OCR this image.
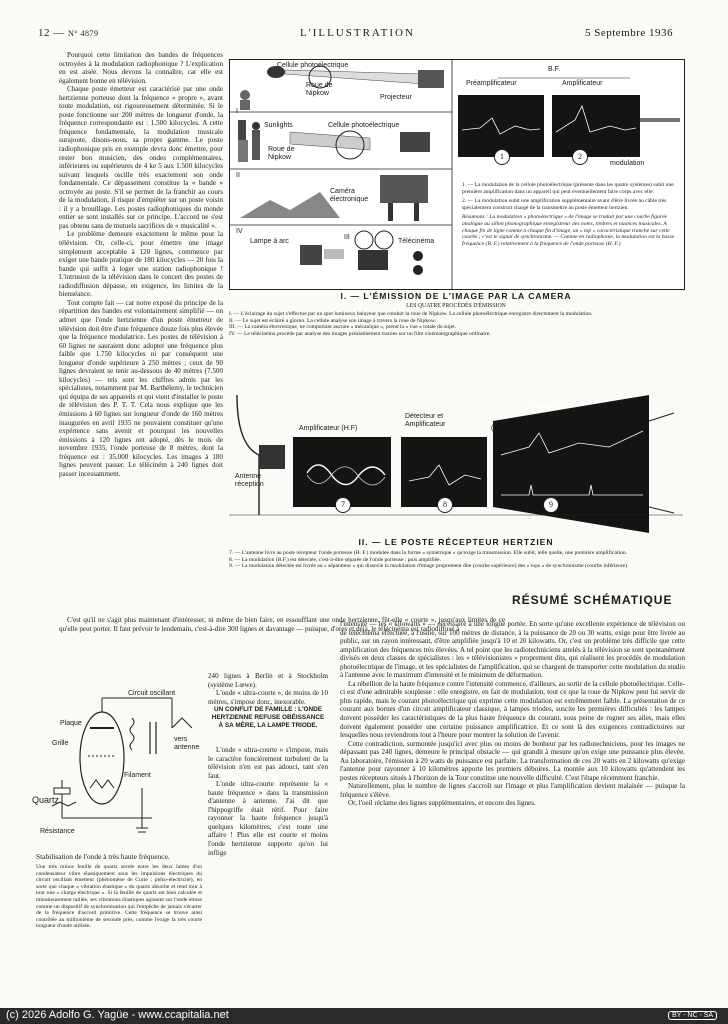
12 — N° 4879	L'ILLUSTRATION	5 Septembre 1936

Pourquoi cette limitation des bandes de fréquences octroyées à la modulation radiophonique ? L'explication en est aisée. Nous devons la connaître, car elle est également bonne en télévision.

Chaque poste émetteur est caractérisé par une onde hertzienne porteuse dont la fréquence « propre », avant toute modulation, est rigoureusement déterminée. Si le poste fonctionne sur 200 mètres de longueur d'onde, la fréquence correspondante est : 1.500 kilocycles. A cette fréquence fondamentale, la modulation musicale surajoute, disons-nous, sa propre gamme. Le poste radiophonique pris en exemple devra donc émettre, pour rester bon musicien, des ondes complémentaires, inférieures ou supérieures de 4 ke 5 aux 1.500 kilocycles suivant lesquels oscille très exactement son onde fondamentale. Ce dépassement constitue la « bande » octroyée au poste. S'il se permet de la franchir au cours de la modulation, il risque d'empiéter sur un poste voisin : il y a brouillage. Les postes radiophoniques du monde entier se sont installés sur ce principe. L'accord ne s'est pas obtenu sans de mutuels sacrifices de « musicalité ».

Le problème demeure exactement le même pour la télévision. Or, celle-ci, pour émettre une image simplement acceptable à 120 lignes, commence par exiger une bande pratique de 180 kilocycles — 20 fois la bande qui suffit à loger une station radiophonique ! L'intrusion de la télévision dans le concert des postes de radiodiffusion dépasse, en exigence, les limites de la bienséance.

Tout compte fait — car notre exposé du principe de la répartition des bandes est volontairement simplifié — on admet que l'onde hertzienne d'un poste émetteur de télévision doit être d'une fréquence douze fois plus élevée que la fréquence modulatrice. Les postes de télévision à 60 lignes ne sauraient donc adopter une fréquence plus faible que 1.750 kilocycles ni par conséquent une longueur d'onde supérieure à 250 mètres ; ceux de 90 lignes devraient se tenir au-dessous de 40 mètres (7.500 kilocycles) — tels sont les chiffres admis par les spécialistes, notamment par M. Barthélemy, le technicien qui équipa de ses appareils et qui vient d'installer le poste de télévision des P. T. T. Cela nous explique que les émissions à 60 lignes sur longueur d'onde de 160 mètres inaugurées en avril 1935 ne pouvaient constituer qu'une expérience sans avenir et pourquoi les nouvelles émissions à 120 lignes ont adopté, dès le mois de novembre 1935, l'onde porteuse de 8 mètres, dont la fréquence est : 35.000 kilocycles. Les images à 180 lignes peuvent passer. Le téléciném à 240 lignes doit passer incessamment.

C'est qu'il ne s'agit plus maintenant d'intéresser, ni même de bien faire, en essoufflant une onde hertzienne, fût-elle « courte », jusqu'aux limites de ce qu'elle peut porter. Il faut prévoir le lendemain, c'est-à-dire 300 lignes et davantage — puisque, d'ores et déjà, le télécinéma est radiodiffusé à

Cellule photoélectrique
Roue de Nipkow
Projecteur
Sunlights	Cellule photoélectrique
Roue de Nipkow
Caméra électronique
Lampe à arc	Télécinéma
I
II
III
IV
B.F.
Préamplificateur	Amplificateur
1	2	Câble de modulation
1. — La modulation de la cellule photoélectrique (présente dans les quatre systèmes) subit une première amplification dans un appareil qui peut éventuellement faire corps avec elle.
2. — La modulation subit une amplification supplémentaire avant d'être livrée au câble très spécialement construit chargé de la transmettre au poste émetteur hertzien.
Résumons : La modulation « photoélectrique » de l'image se traduit par une courbe figurée analogue au sillon phonographique enregistreur des notes, timbres et nuances musicales. A chaque fin de ligne comme à chaque fin d'image, un « top » caractéristique tranche sur cette courbe ; c'est le signal de synchronisme. — Comme en radiophonie, la modulation est la basse fréquence (B. F.) relativement à la fréquence de l'onde porteuse (H. F.).
I. — L'ÉMISSION DE L'IMAGE PAR LA CAMERA
LES QUATRE PROCÉDÉS D'ÉMISSION
I. — L'éclairage du sujet s'effectue par un spot lumineux balayeur que conduit la roue de Nipkow. La cellule photoélectrique enregistre directement la modulation.
II. — Le sujet est éclairé a giorno. La cellule analyse son image à travers la roue de Nipkow.
III. — La caméra électronique, ne comportant aucune « mécanique », prend la « vue » totale du sujet.
IV. — Le télécinéma procède par analyse des images préalablement tracées sur un film cinématographique ordinaire.
Amplificateur (H.F)
Détecteur et Amplificateur
(BF)
Séparateur
Antenne réception
7	8	9
II. — LE POSTE RÉCEPTEUR HERTZIEN
7. — L'antenne livre au poste récepteur l'onde porteuse (H. F.) modulée dans la forme « symétrique » qu'exige la transmission. Elle subit, telle quelle, une première amplification.
8. — La modulation (B.F.) est détectée, c'est-à-dire séparée de l'onde porteuse ; puis amplifiée.
9. — La modulation détectée est livrée au « séparateur » qui dissocie la modulation d'image proprement dite (courbe supérieure) des « tops » de synchronisme (courbe inférieure).
RÉSUMÉ SCHÉMATIQUE
Circuit oscillant
Plaque
Grille
vers antenne
Filament
Quartz
Résistance
Stabilisation de l'onde à très haute fréquence.
Une très mince feuille de quartz serrée entre les deux lames d'un condensateur vibre élastiquement sous les impulsions électriques du circuit oscillant émetteur (phénomène de Curie ; piézo-électricité), en sorte que chaque « vibration élastique » du quartz absorbe et rend tour à tour une « charge électrique ». Si la feuille de quartz est bien calculée et minutieusement taillée, ses vibrations élastiques agissent sur l'onde émise comme un dispositif de synchronisation qui l'empêche de jamais s'écarter de la fréquence d'accord primitive. Cette fréquence se trouve ainsi contrôlée au millionième de seconde près, comme l'exige la très courte longueur d'onde utilisée.

240 lignes à Berlin et à Stockholm (système Lœwe).

L'onde « ultra-courte », de moins de 10 mètres, s'impose donc, inexorable.

UN CONFLIT DE FAMILLE : L'ONDE HERTZIENNE REFUSE OBÉISSANCE À SA MÈRE, LA LAMPE TRIODE.

L'onde « ultra-courte » s'impose, mais le caractère foncièrement turbulent de la télévision n'en est pas adouci, tant s'en faut.

L'onde ultra-courte représente la « haute fréquence » dans la transmission d'antenne à antenne. J'ai dit que l'hippogriffe était rétif. Pour faire rayonner la haute fréquence jusqu'à quelques kilomètres, c'est toute une affaire ! Plus elle est courte et moins l'onde hertzienne supporte qu'on lui inflige

l'intensité — les « kilowatts » — nécessaire à une longue portée. En sorte qu'une excellente expérience de télévision ou de télécinéma effectuée, à l'usine, sur 100 mètres de distance, à la puissance de 20 ou 30 watts, exige pour être livrée au public, sur un rayon intéressant, d'être amplifiée jusqu'à 10 et 20 kilowatts. Or, c'est un problème très difficile que cette amplification des fréquences très élevées. A tel point que les radiotechniciens attelés à la télévision se sont spontanément divisés en deux classes de spécialistes : les « télévisionistes » proprement dits, qui réalisent les procédés de modulation photoélectrique de l'image, et les spécialistes de l'amplification, qui se chargent de transporter cette modulation du studio à l'antenne avec le maximum d'intensité et le minimum de déformation.

La rébellion de la haute fréquence contre l'intensité commence, d'ailleurs, au sortir de la cellule photoélectrique. Celle-ci est d'une admirable souplesse : elle enregistre, en fait de modulation, tout ce que la roue de Nipkow peut lui servir de plus rapide, mais le courant photoélectrique qui exprime cette modulation est extrêmement faible. La présentation de ce courant aux bornes d'un circuit amplificateur classique, à lampes triodes, suscite les premières difficultés : les lampes doivent posséder les caractéristiques de la plus haute fréquence du courant, sous peine de rogner ses ailes, mais elles doivent également posséder une certaine puissance amplificatrice. Et ce sont là des exigences contradictoires sur lesquelles nous reviendrons tout à l'heure pour montrer la solution de l'avenir.

Cette contradiction, surmontée jusqu'ici avec plus ou moins de bonheur par les radiotechniciens, pour les images ne dépassant pas 240 lignes, demeure le principal obstacle — qui grandit à mesure qu'on exige une puissance plus élevée. Au laboratoire, l'émission à 20 watts de puissance est parfaite. La transformation de ces 20 watts en 2 kilowatts qu'exige l'antenne pour rayonner à 10 kilomètres apporte les premiers déboires. La montée aux 10 kilowatts qu'attendent les postes récepteurs situés à l'horizon de la Tour constitue une nouvelle difficulté. C'est l'étape récemment franchie.

Naturellement, plus le nombre de lignes s'accroît sur l'image et plus l'amplification devient malaisée — puisque la fréquence s'élève.

Or, l'oeil réclame des lignes supplémentaires, et encore des lignes.

(c) 2026 Adolfo G. Yagüe - www.ccapitalia.net	BY - NC - SA
